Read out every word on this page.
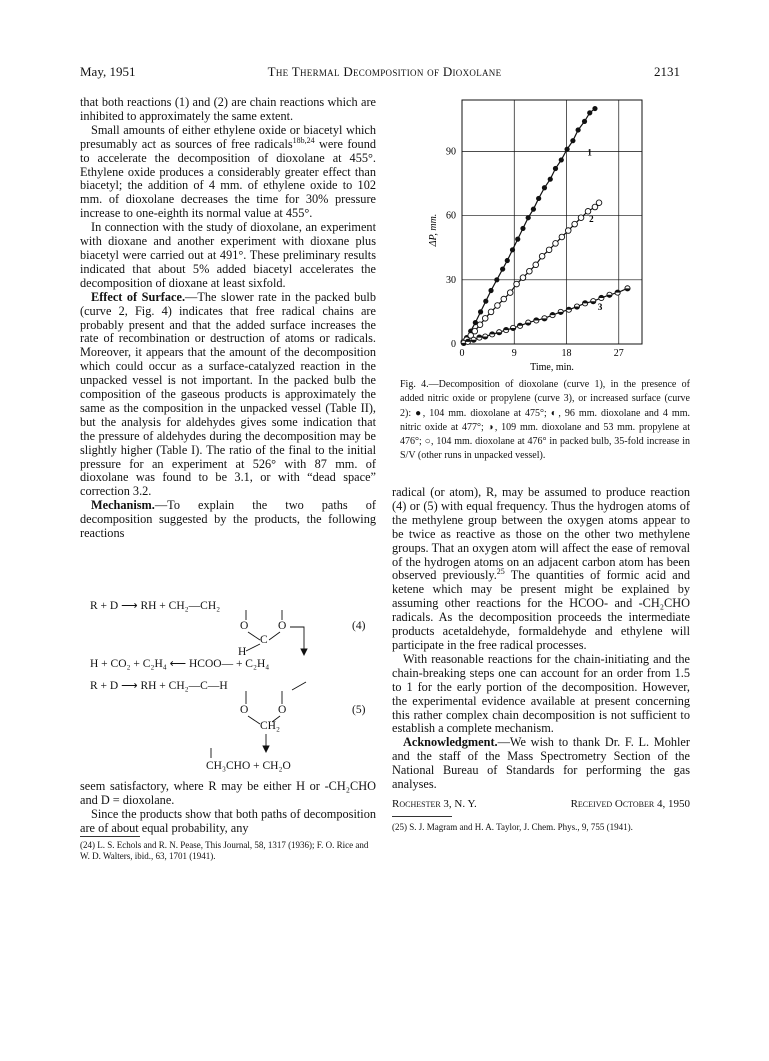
May, 1951	The Thermal Decomposition of Dioxolane	2131

that both reactions (1) and (2) are chain reactions which are inhibited to approximately the same extent.

Small amounts of either ethylene oxide or biacetyl which presumably act as sources of free radicals$^{18b,24}$ were found to accelerate the decomposition of dioxolane at 455°. Ethylene oxide produces a considerably greater effect than biacetyl; the addition of 4 mm. of ethylene oxide to 102 mm. of dioxolane decreases the time for 30% pressure increase to one-eighth its normal value at 455°.

In connection with the study of dioxolane, an experiment with dioxane and another experiment with dioxane plus biacetyl were carried out at 491°. These preliminary results indicated that about 5% added biacetyl accelerates the decomposition of dioxane at least sixfold.

Effect of Surface.—The slower rate in the packed bulb (curve 2, Fig. 4) indicates that free radical chains are probably present and that the added surface increases the rate of recombination or destruction of atoms or radicals. Moreover, it appears that the amount of the decomposition which could occur as a surface-catalyzed reaction in the unpacked vessel is not important. In the packed bulb the composition of the gaseous products is approximately the same as the composition in the unpacked vessel (Table II), but the analysis for aldehydes gives some indication that the pressure of aldehydes during the decomposition may be slightly higher (Table I). The ratio of the final to the initial pressure for an experiment at 526° with 87 mm. of dioxolane was found to be 3.1, or with “dead space” correction 3.2.

Mechanism.—To explain the two paths of decomposition suggested by the products, the following reactions

R + D ⟶ RH + CH₂—CH₂
O	O
C
H
(4)
H + CO₂ + C₂H₄ ⟵ HCOO— + C₂H₄
R + D ⟶ RH + CH₂—C—H
O	O
CH₂
(5)
CH₃CHO + CH₂O

seem satisfactory, where R may be either H or -CH₂CHO and D = dioxolane.

Since the products show that both paths of decomposition are of about equal probability, any

(24) L. S. Echols and R. N. Pease, This Journal, 58, 1317 (1936); F. O. Rice and W. D. Walters, ibid., 63, 1701 (1941).
0	9	18	27
0
30
60
90
Time, min.
ΔP, mm.
1
2
3
Fig. 4.—Decomposition of dioxolane (curve 1), in the presence of added nitric oxide or propylene (curve 3), or increased surface (curve 2): ●, 104 mm. dioxolane at 475°; ◐, 96 mm. dioxolane and 4 mm. nitric oxide at 477°; ◑, 109 mm. dioxolane and 53 mm. propylene at 476°; ○, 104 mm. dioxolane at 476° in packed bulb, 35-fold increase in S/V (other runs in unpacked vessel).

radical (or atom), R, may be assumed to produce reaction (4) or (5) with equal frequency. Thus the hydrogen atoms of the methylene group between the oxygen atoms appear to be twice as reactive as those on the other two methylene groups. That an oxygen atom will affect the ease of removal of the hydrogen atoms on an adjacent carbon atom has been observed previously.$^{25}$ The quantities of formic acid and ketene which may be present might be explained by assuming other reactions for the HCOO- and -CH₂CHO radicals. As the decomposition proceeds the intermediate products acetaldehyde, formaldehyde and ethylene will participate in the free radical processes.

With reasonable reactions for the chain-initiating and the chain-breaking steps one can account for an order from 1.5 to 1 for the early portion of the decomposition. However, the experimental evidence available at present concerning this rather complex chain decomposition is not sufficient to establish a complete mechanism.

Acknowledgment.—We wish to thank Dr. F. L. Mohler and the staff of the Mass Spectrometry Section of the National Bureau of Standards for performing the gas analyses.

Rochester 3, N. Y.	Received October 4, 1950
(25) S. J. Magram and H. A. Taylor, J. Chem. Phys., 9, 755 (1941).
